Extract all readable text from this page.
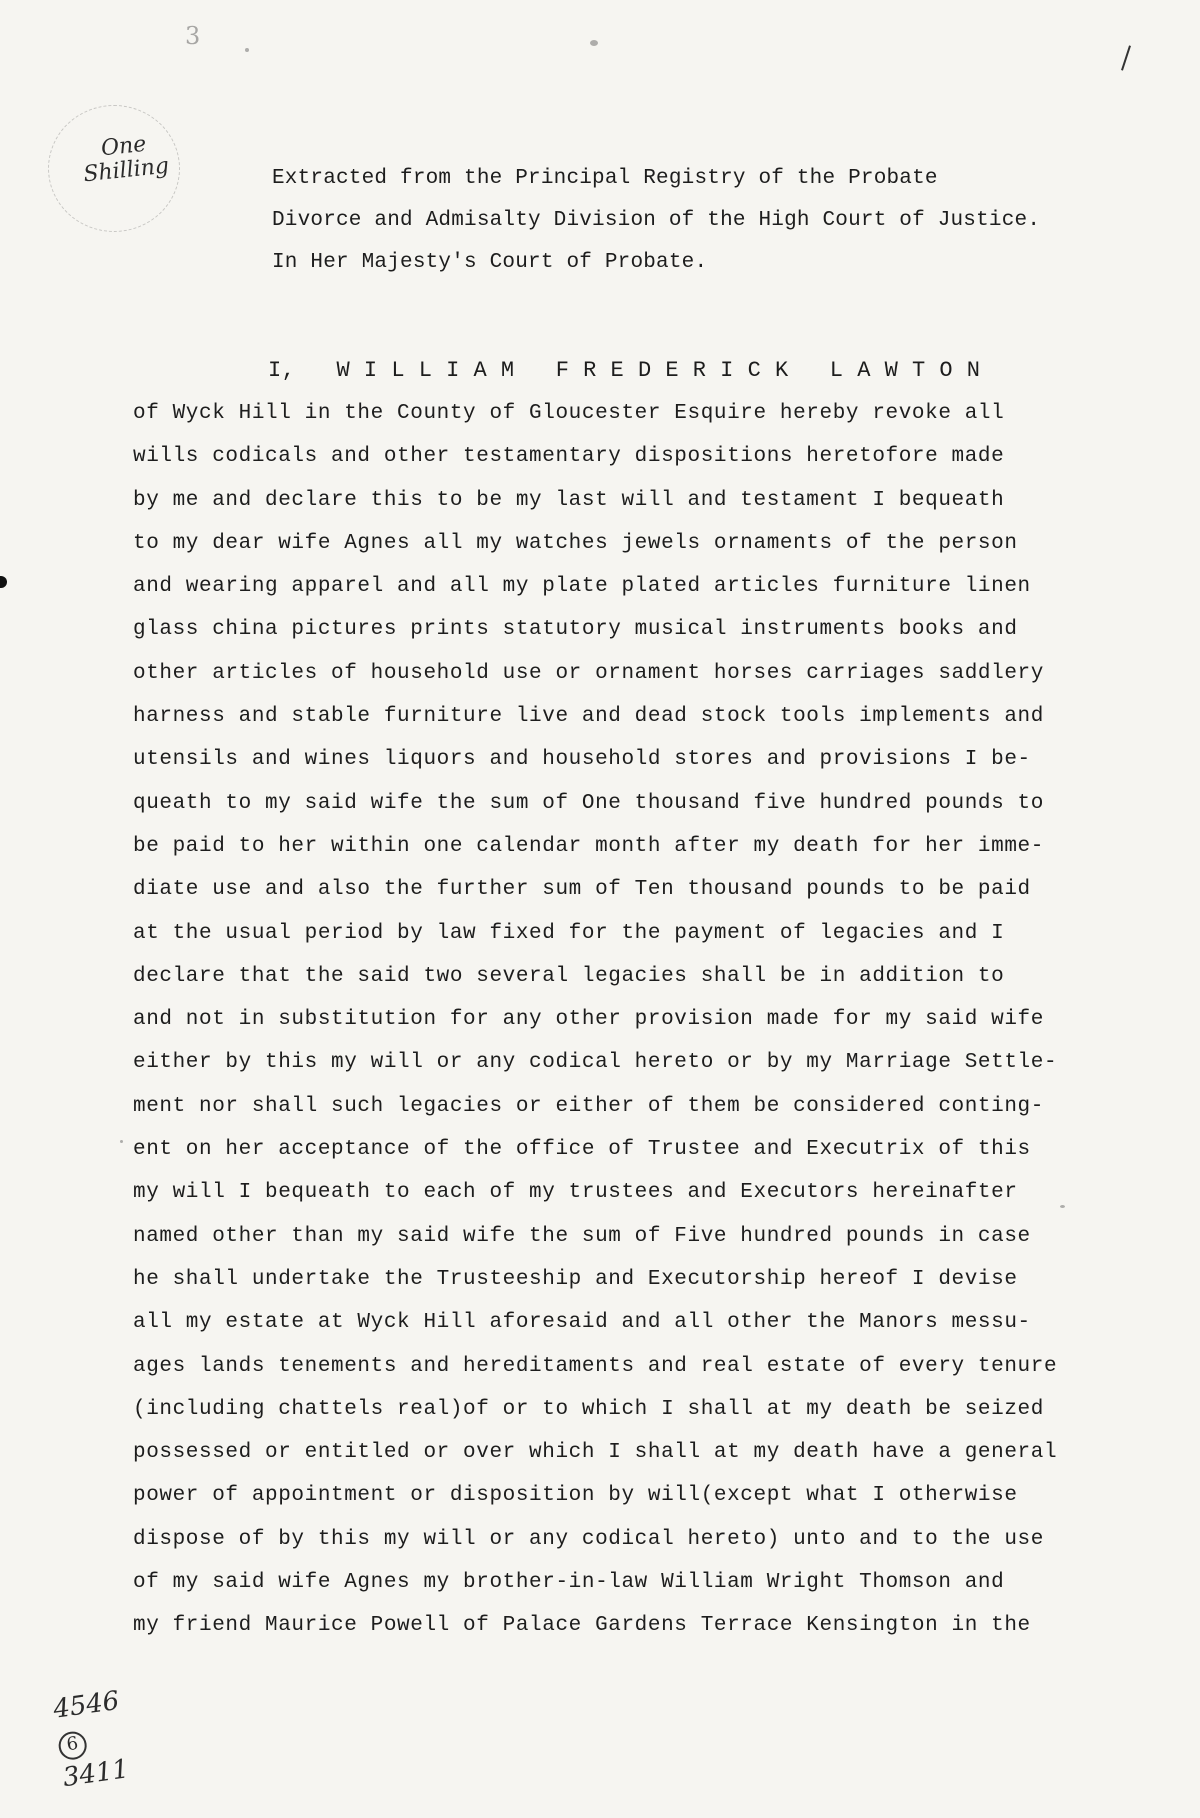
3
One
Shilling	Extracted from the Principal Registry of the Probate
Divorce and Admisalty Division of the High Court of Justice.
In Her Majesty's Court of Probate.
I,   W I L L I A M   F R E D E R I C K   L A W T O N
of Wyck Hill in the County of Gloucester Esquire hereby revoke all
wills codicals and other testamentary dispositions heretofore made
by me and declare this to be my last will and testament I bequeath
to my dear wife Agnes all my watches jewels ornaments of the person
and wearing apparel and all my plate plated articles furniture linen
glass china pictures prints statutory musical instruments books and
other articles of household use or ornament horses carriages saddlery
harness and stable furniture live and dead stock tools implements and
utensils and wines liquors and household stores and provisions I be-
queath to my said wife the sum of One thousand five hundred pounds to
be paid to her within one calendar month after my death for her imme-
diate use and also the further sum of Ten thousand pounds to be paid
at the usual period by law fixed for the payment of legacies and I
declare that the said two several legacies shall be in addition to
and not in substitution for any other provision made for my said wife
either by this my will or any codical hereto or by my Marriage Settle-
ment nor shall such legacies or either of them be considered conting-
ent on her acceptance of the office of Trustee and Executrix of this
my will I bequeath to each of my trustees and Executors hereinafter
named other than my said wife the sum of Five hundred pounds in case
he shall undertake the Trusteeship and Executorship hereof I devise
all my estate at Wyck Hill aforesaid and all other the Manors messu-
ages lands tenements and hereditaments and real estate of every tenure
(including chattels real)of or to which I shall at my death be seized
possessed or entitled or over which I shall at my death have a general
power of appointment or disposition by will(except what I otherwise
dispose of by this my will or any codical hereto) unto and to the use
of my said wife Agnes my brother-in-law William Wright Thomson and
my friend Maurice Powell of Palace Gardens Terrace Kensington in the
4546
6
3411
